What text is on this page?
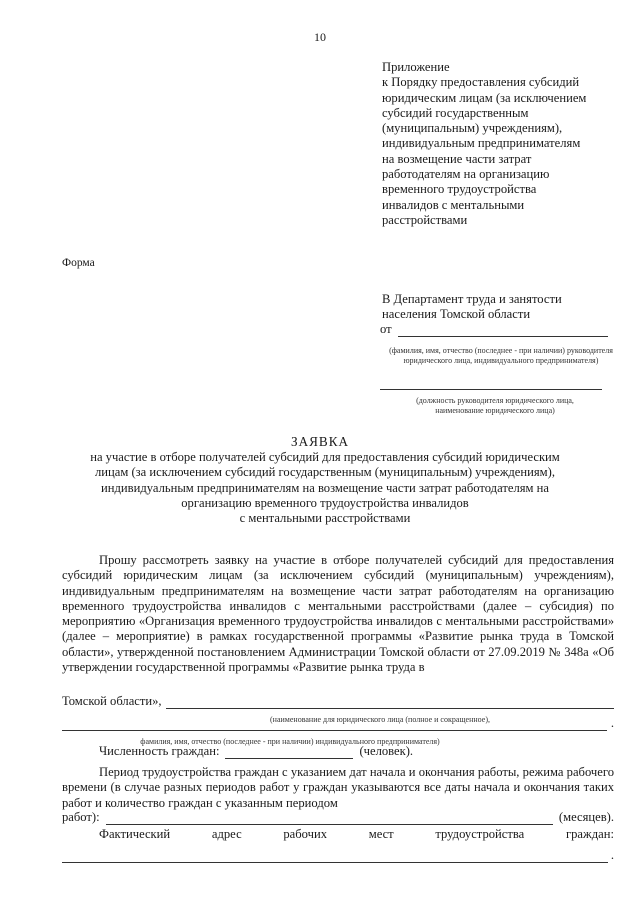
10
Приложение
к Порядку предоставления субсидий
юридическим лицам (за исключением
субсидий государственным
(муниципальным) учреждениям),
индивидуальным предпринимателям
на возмещение части затрат
работодателям на организацию
временного трудоустройства
инвалидов с ментальными
расстройствами
Форма
В Департамент труда и занятости
населения Томской области
от
(фамилия, имя, отчество (последнее - при наличии) руководителя юридического лица, индивидуального предпринимателя)
(должность руководителя юридического лица, наименование юридического лица)
ЗАЯВКА
на участие в отборе получателей субсидий для предоставления субсидий юридическим
лицам (за исключением субсидий государственным (муниципальным) учреждениям),
индивидуальным предпринимателям на возмещение части затрат работодателям на
организацию временного трудоустройства инвалидов
с ментальными расстройствами
Прошу рассмотреть заявку на участие в отборе получателей субсидий для предоставления субсидий юридическим лицам (за исключением субсидий (муниципальным) учреждениям), индивидуальным предпринимателям на возмещение части затрат работодателям на организацию временного трудоустройства инвалидов с ментальными расстройствами (далее – субсидия) по мероприятию «Организация временного трудоустройства инвалидов с ментальными расстройствами» (далее – мероприятие) в рамках государственной программы «Развитие рынка труда в Томской области», утвержденной постановлением Администрации Томской области от 27.09.2019 № 348а «Об утверждении государственной программы «Развитие рынка труда в
Томской области»,
(наименование для юридического лица (полное и сокращенное),	.
фамилия, имя, отчество (последнее - при наличии) индивидуального предпринимателя)
Численность граждан:	(человек).
Период трудоустройства граждан с указанием дат начала и окончания работы, режима рабочего времени (в случае разных периодов работ у граждан указываются все даты начала и окончания таких работ и количество граждан с указанным периодом
работ):	(месяцев).
Фактический	адрес	рабочих	мест	трудоустройства	граждан:
.
